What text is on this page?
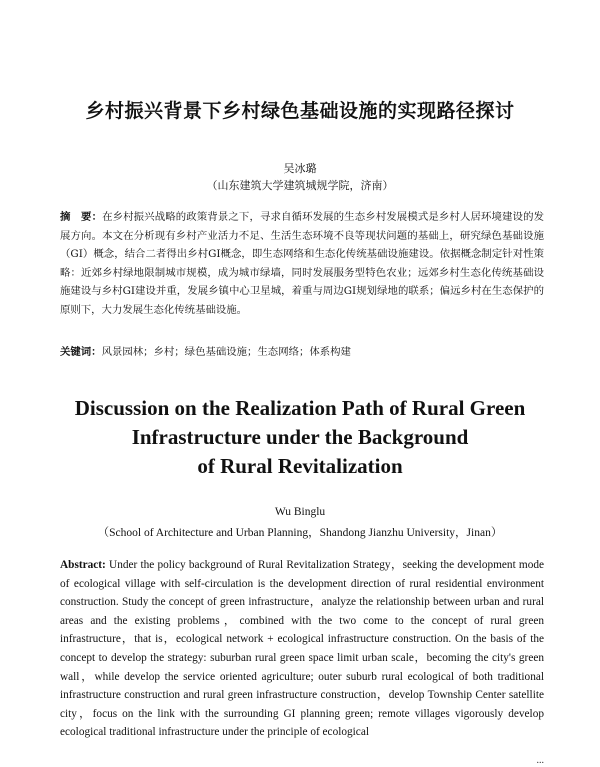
乡村振兴背景下乡村绿色基础设施的实现路径探讨
吴冰璐
（山东建筑大学建筑城规学院，济南）
摘　要：在乡村振兴战略的政策背景之下，寻求自循环发展的生态乡村发展模式是乡村人居环境建设的发展方向。本文在分析现有乡村产业活力不足、生活生态环境不良等现状问题的基础上，研究绿色基础设施（GI）概念，结合二者得出乡村GI概念，即生态网络和生态化传统基础设施建设。依据概念制定针对性策略：近郊乡村绿地限制城市规模，成为城市绿墙，同时发展服务型特色农业；远郊乡村生态化传统基础设施建设与乡村GI建设并重，发展乡镇中心卫星城，着重与周边GI规划绿地的联系；偏远乡村在生态保护的原则下，大力发展生态化传统基础设施。
关键词：风景园林；乡村；绿色基础设施；生态网络；体系构建
Discussion on the Realization Path of Rural Green
Infrastructure under the Background
of Rural Revitalization
Wu Binglu
（School of Architecture and Urban Planning，Shandong Jianzhu University，Jinan）
Abstract: Under the policy background of Rural Revitalization Strategy，seeking the development mode of ecological village with self-circulation is the development direction of rural residential environment construction. Study the concept of green infrastructure，analyze the relationship between urban and rural areas and the existing problems，combined with the two come to the concept of rural green infrastructure，that is，ecological network + ecological infrastructure construction. On the basis of the concept to develop the strategy: suburban rural green space limit urban scale，becoming the city's green wall，while develop the service oriented agriculture; outer suburb rural ecological of both traditional infrastructure construction and rural green infrastructure construction，develop Township Center satellite city，focus on the link with the surrounding GI planning green; remote villages vigorously develop ecological traditional infrastructure under the principle of ecological
...
